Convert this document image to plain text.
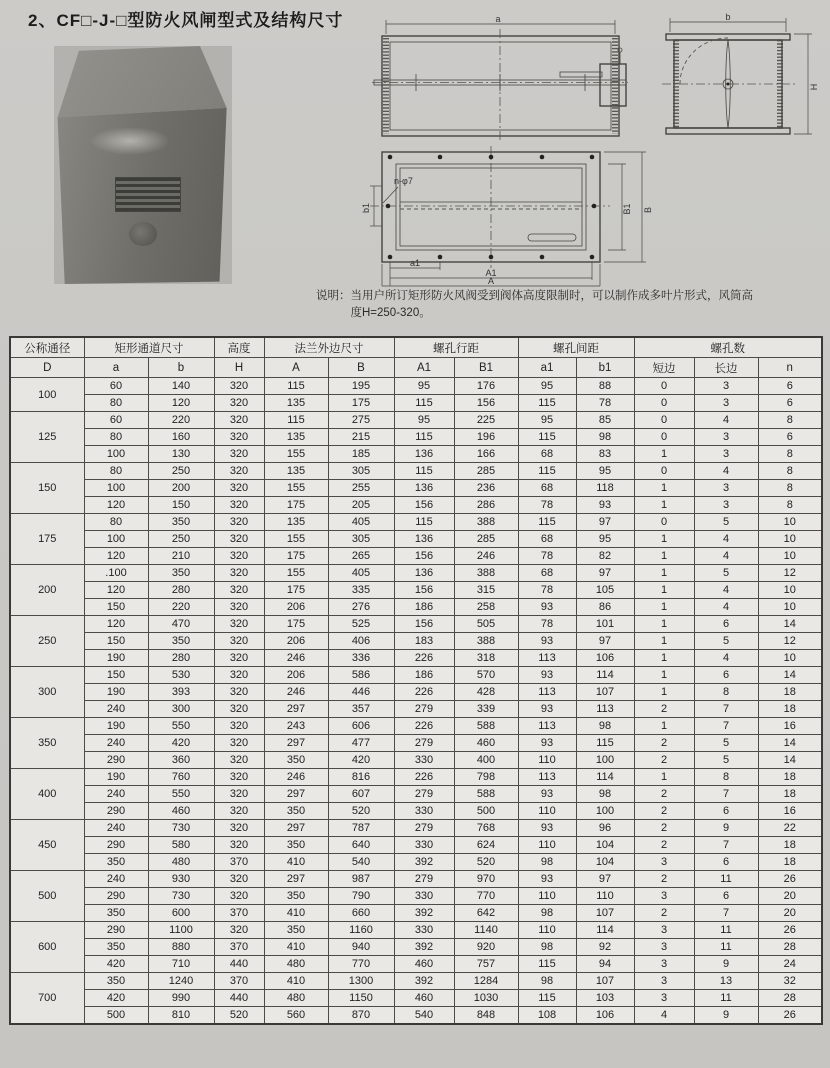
2、CF□-J-□型防火风闸型式及结构尺寸	a	b
H
n-φ7
B1 B
b1
a1
A1
A
说明： 当用户所订矩形防火风阀受到阀体高度限制时，可以制作成多叶片形式，风筒高
度H=250-320。
公称通径	矩形通道尺寸		高度	法兰外边尺寸		螺孔行距		螺孔间距		螺孔数		
D	a	b	H	A	B	A1	B1	a1	b1	短边	长边	n
100	60	140	320	115	195	95	176	95	88	0	3	6
	80	120	320	135	175	115	156	115	78	0	3	6
125	60	220	320	115	275	95	225	95	85	0	4	8
	80	160	320	135	215	115	196	115	98	0	3	6
	100	130	320	155	185	136	166	68	83	1	3	8
150	80	250	320	135	305	115	285	115	95	0	4	8
	100	200	320	155	255	136	236	68	118	1	3	8
	120	150	320	175	205	156	286	78	93	1	3	8
175	80	350	320	135	405	115	388	115	97	0	5	10
	100	250	320	155	305	136	285	68	95	1	4	10
	120	210	320	175	265	156	246	78	82	1	4	10
200	.100	350	320	155	405	136	388	68	97	1	5	12
	120	280	320	175	335	156	315	78	105	1	4	10
	150	220	320	206	276	186	258	93	86	1	4	10
250	120	470	320	175	525	156	505	78	101	1	6	14
	150	350	320	206	406	183	388	93	97	1	5	12
	190	280	320	246	336	226	318	113	106	1	4	10
300	150	530	320	206	586	186	570	93	114	1	6	14
	190	393	320	246	446	226	428	113	107	1	8	18
	240	300	320	297	357	279	339	93	113	2	7	18
350	190	550	320	243	606	226	588	113	98	1	7	16
	240	420	320	297	477	279	460	93	115	2	5	14
	290	360	320	350	420	330	400	110	100	2	5	14
400	190	760	320	246	816	226	798	113	114	1	8	18
	240	550	320	297	607	279	588	93	98	2	7	18
	290	460	320	350	520	330	500	110	100	2	6	16
450	240	730	320	297	787	279	768	93	96	2	9	22
	290	580	320	350	640	330	624	110	104	2	7	18
	350	480	370	410	540	392	520	98	104	3	6	18
500	240	930	320	297	987	279	970	93	97	2	11	26
	290	730	320	350	790	330	770	110	110	3	6	20
	350	600	370	410	660	392	642	98	107	2	7	20
600	290	1100	320	350	1160	330	1140	110	114	3	11	26
	350	880	370	410	940	392	920	98	92	3	11	28
	420	710	440	480	770	460	757	115	94	3	9	24
700	350	1240	370	410	1300	392	1284	98	107	3	13	32
	420	990	440	480	1150	460	1030	115	103	3	11	28
	500	810	520	560	870	540	848	108	106	4	9	26
